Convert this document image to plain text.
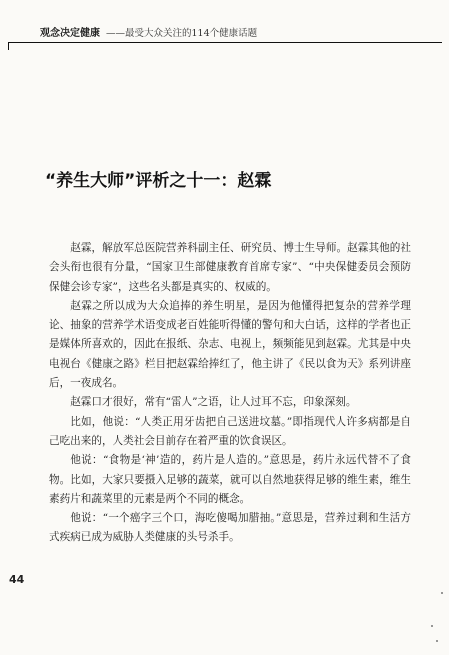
观念决定健康 ——最受大众关注的114个健康话题
“养生大师”评析之十一：赵霖

赵霖，解放军总医院营养科副主任、研究员、博士生导师。赵霖其他的社会头衔也很有分量，“国家卫生部健康教育首席专家”、“中央保健委员会预防保健会诊专家”，这些名头都是真实的、权威的。

赵霖之所以成为大众追捧的养生明星，是因为他懂得把复杂的营养学理论、抽象的营养学术语变成老百姓能听得懂的警句和大白话，这样的学者也正是媒体所喜欢的，因此在报纸、杂志、电视上，频频能见到赵霖。尤其是中央电视台《健康之路》栏目把赵霖给捧红了，他主讲了《民以食为天》系列讲座后，一夜成名。

赵霖口才很好，常有“雷人”之语，让人过耳不忘，印象深刻。

比如，他说：“人类正用牙齿把自己送进坟墓。”即指现代人许多病都是自己吃出来的，人类社会目前存在着严重的饮食误区。

他说：“食物是‘神’造的，药片是人造的。”意思是，药片永远代替不了食物。比如，大家只要摄入足够的蔬菜，就可以自然地获得足够的维生素，维生素药片和蔬菜里的元素是两个不同的概念。

他说：“一个癌字三个口，海吃傻喝加腊抽。”意思是，营养过剩和生活方式疾病已成为威胁人类健康的头号杀手。

44
